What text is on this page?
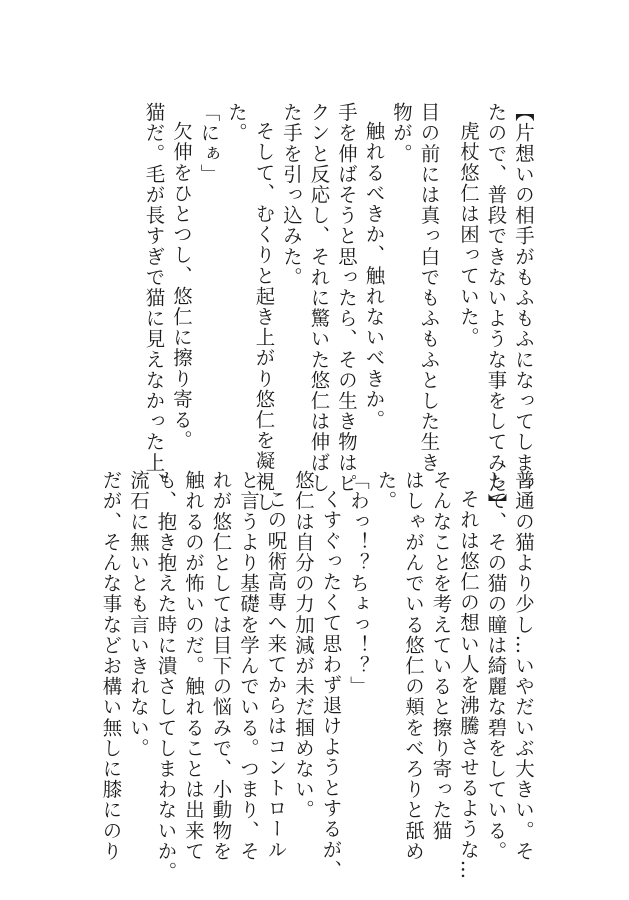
【片想いの相手がもふもふになってしまっ
たので、普段できないような事をしてみた】
虎杖悠仁は困っていた。
目の前には真っ白でもふもふとした生き
物が。
触れるべきか、触れないべきか。
手を伸ばそうと思ったら、その生き物はピ
クンと反応し、それに驚いた悠仁は伸ばし
た手を引っ込みた。
そして、むくりと起き上がり悠仁を凝視し
た。
「にぁ」
欠伸をひとつし、悠仁に擦り寄る。
猫だ。毛が長すぎで猫に見えなかった上、
普通の猫より少し…いやだいぶ大きい。そ
して、その猫の瞳は綺麗な碧をしている。
それは悠仁の想い人を沸騰させるような…
そんなことを考えていると擦り寄った猫
はしゃがんでいる悠仁の頬をべろりと舐め
た。
「わっ！？ちょっ！？」
くすぐったくて思わず退けようとするが、
悠仁は自分の力加減が未だ掴めない。
この呪術高専へ来てからはコントロール
と言うより基礎を学んでいる。つまり、そ
れが悠仁としては目下の悩みで、小動物を
触れるのが怖いのだ。触れることは出来て
も、抱き抱えた時に潰さしてしまわないか。
流石に無いとも言いきれない。
だが、そんな事などお構い無しに膝にのり
